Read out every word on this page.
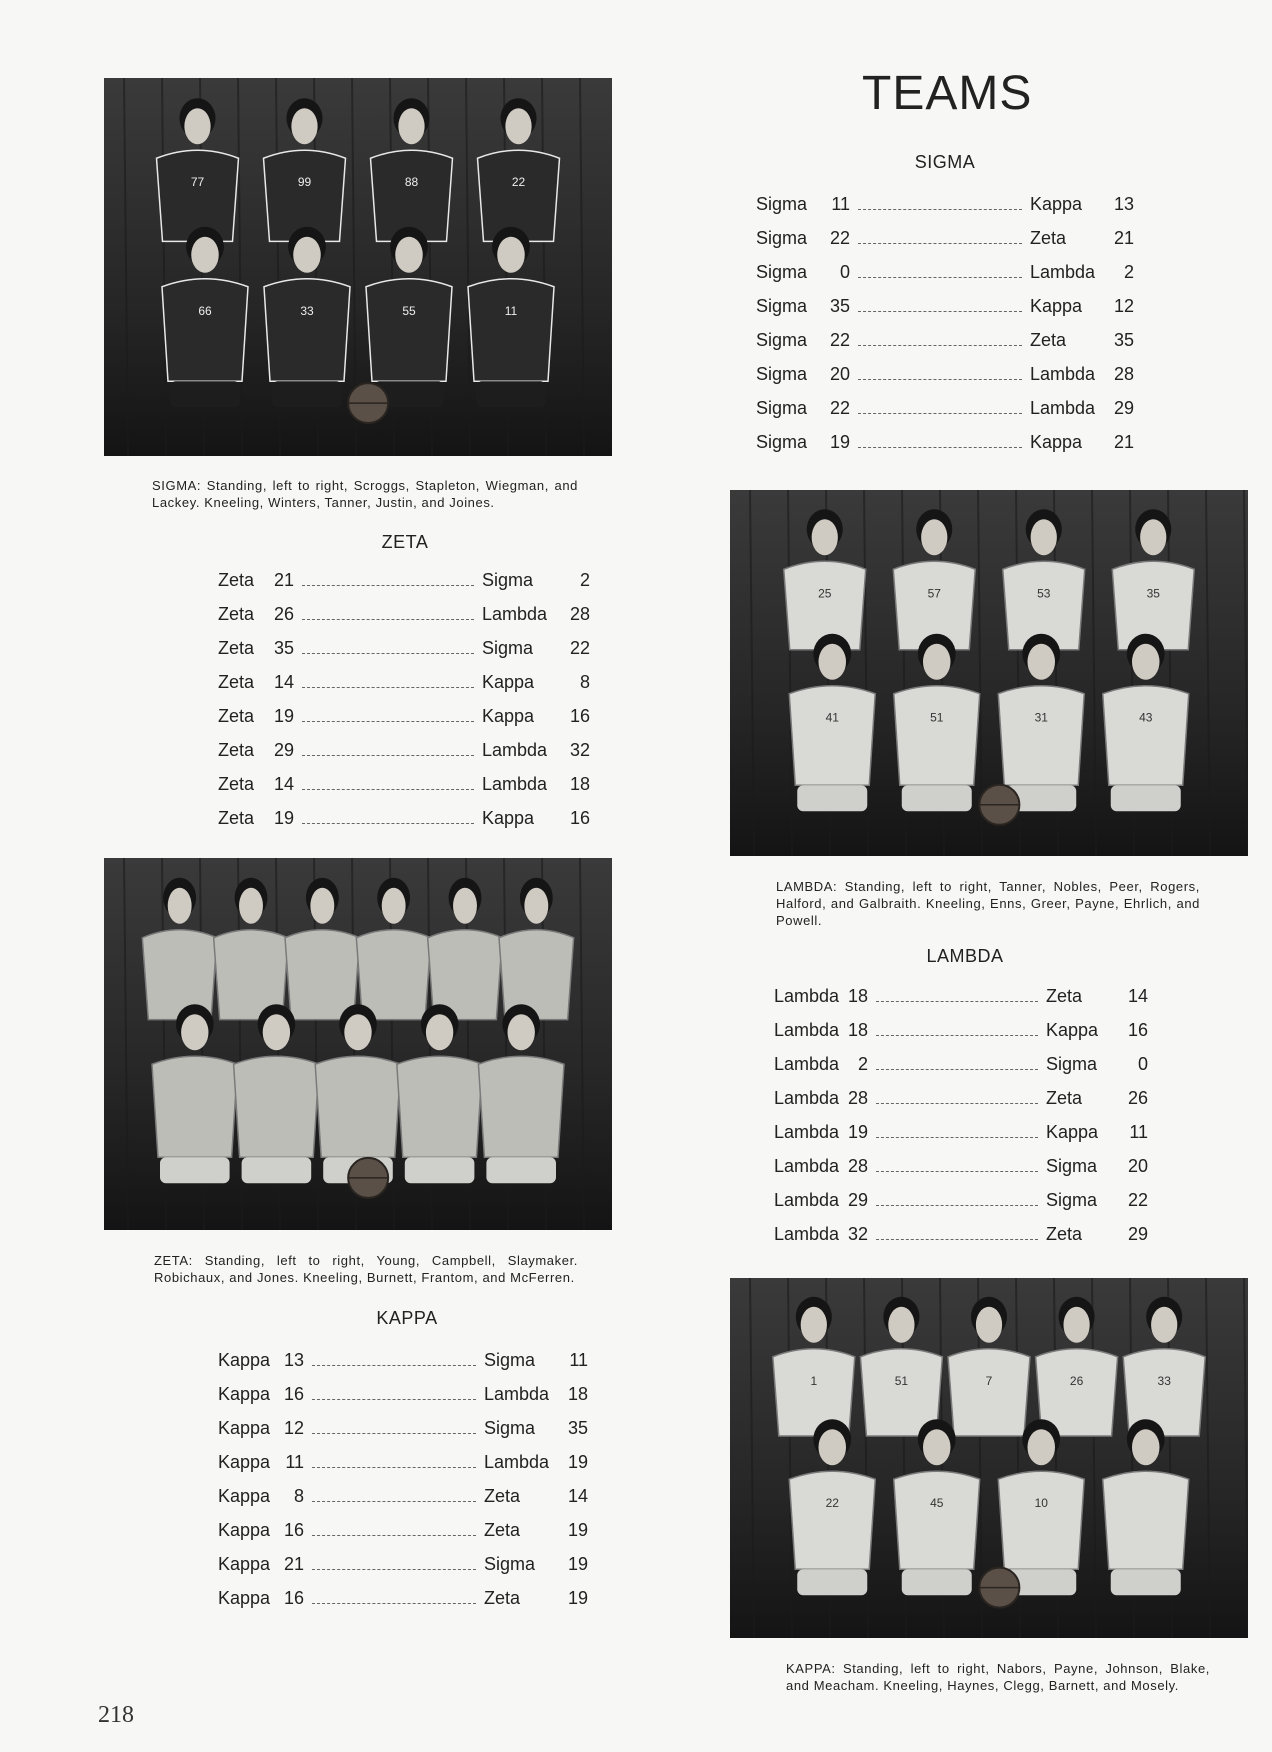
TEAMS
77	99	88	22
66	33	55	11
SIGMA: Standing, left to right, Scroggs, Stapleton, Wiegman, and Lackey. Kneeling, Winters, Tanner, Justin, and Joines.
SIGMA
Sigma	11	Kappa	13
Sigma	22	Zeta	21
Sigma	0	Lambda	2
Sigma	35	Kappa	12
Sigma	22	Zeta	35
Sigma	20	Lambda	28
Sigma	22	Lambda	29
Sigma	19	Kappa	21
ZETA
Zeta	21	Sigma	2
Zeta	26	Lambda	28
Zeta	35	Sigma	22
Zeta	14	Kappa	8
Zeta	19	Kappa	16
Zeta	29	Lambda	32
Zeta	14	Lambda	18
Zeta	19	Kappa	16
25	57	53	35
41	51	31	43
LAMBDA: Standing, left to right, Tanner, Nobles, Peer, Rogers, Halford, and Galbraith. Kneeling, Enns, Greer, Payne, Ehrlich, and Powell.
LAMBDA
Lambda 18	Zeta	14
Lambda 18	Kappa	16
Lambda	2	Sigma	0
Lambda 28	Zeta	26
Lambda 19	Kappa	11
Lambda 28	Sigma	20
Lambda 29	Sigma	22
Lambda 32	Zeta	29
ZETA: Standing, left to right, Young, Campbell, Slaymaker. Robichaux, and Jones. Kneeling, Burnett, Frantom, and McFerren.
KAPPA
Kappa 13	Sigma	11
Kappa 16	Lambda	18
Kappa 12	Sigma	35
Kappa 11	Lambda	19
Kappa	8	Zeta	14
Kappa 16	Zeta	19
Kappa 21	Sigma	19
Kappa 16	Zeta	19
1	51	7	26	33
22	45	10
KAPPA: Standing, left to right, Nabors, Payne, Johnson, Blake, and Meacham. Kneeling, Haynes, Clegg, Barnett, and Mosely.
218
